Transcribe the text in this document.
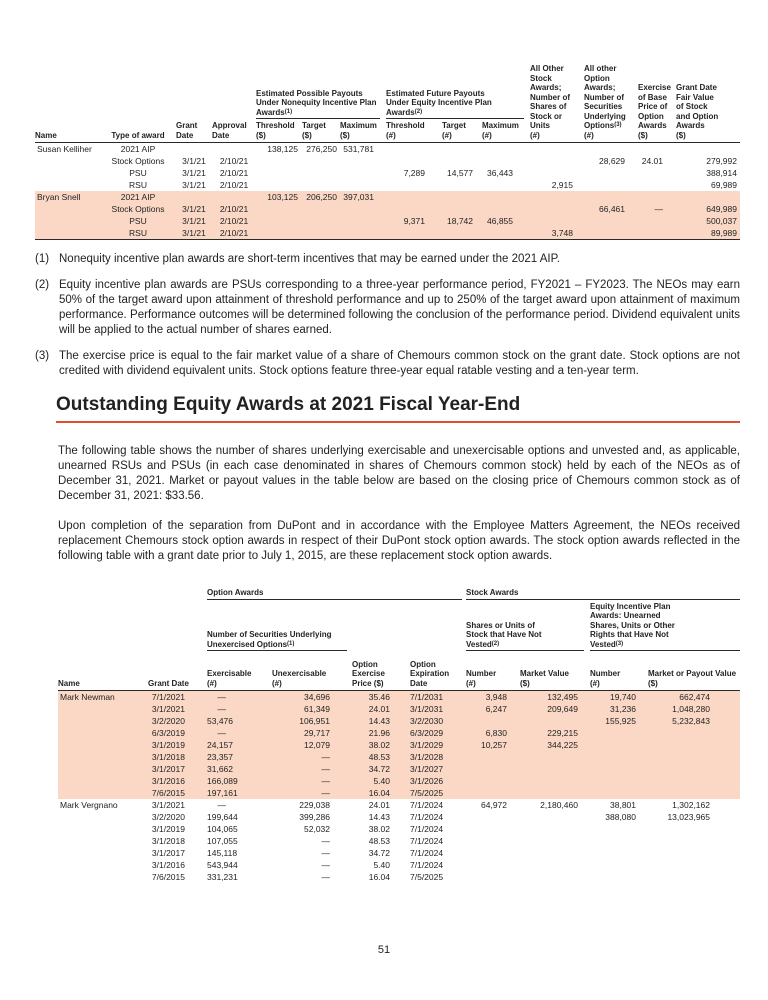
Estimated Possible Payouts Under Nonequity Incentive Plan Awards$^{(1)}$
Estimated Future Payouts Under Equity Incentive Plan Awards$^{(2)}$
Name	Type of award
Grant Date
Approval Date
Threshold
($)
Target
($)
Maximum
($)
Threshold
(#)
Target
(#)
Maximum
(#)
All Other Stock Awards; Number of Shares of Stock or Units
(#)
All other Option Awards; Number of Securities Underlying Options$^{(3)}$
(#)
Exercise of Base Price of Option Awards
($)
Grant Date Fair Value of Stock and Option Awards
($)
Susan Kelliher	2021 AIP			138,125	276,250	531,781							
	Stock Options	3/1/21	2/10/21								28,629	24.01	279,992
	PSU	3/1/21	2/10/21				7,289	14,577	36,443				388,914
	RSU	3/1/21	2/10/21							2,915			69,989
Bryan Snell	2021 AIP			103,125	206,250	397,031							
	Stock Options	3/1/21	2/10/21								66,461	—	649,989
	PSU	3/1/21	2/10/21				9,371	18,742	46,855				500,037
	RSU	3/1/21	2/10/21							3,748			89,989
(1) Nonequity incentive plan awards are short-term incentives that may be earned under the 2021 AIP.
(2) Equity incentive plan awards are PSUs corresponding to a three-year performance period, FY2021 – FY2023. The NEOs may earn 50% of the target award upon attainment of threshold performance and up to 250% of the target award upon attainment of maximum performance. Performance outcomes will be determined following the conclusion of the performance period. Dividend equivalent units will be applied to the actual number of shares earned.
(3) The exercise price is equal to the fair market value of a share of Chemours common stock on the grant date. Stock options are not credited with dividend equivalent units. Stock options feature three-year equal ratable vesting and a ten-year term.
Outstanding Equity Awards at 2021 Fiscal Year-End
The following table shows the number of shares underlying exercisable and unexercisable options and unvested and, as applicable, unearned RSUs and PSUs (in each case denominated in shares of Chemours common stock) held by each of the NEOs as of December 31, 2021. Market or payout values in the table below are based on the closing price of Chemours common stock as of December 31, 2021: $33.56.
Upon completion of the separation from DuPont and in accordance with the Employee Matters Agreement, the NEOs received replacement Chemours stock option awards in respect of their DuPont stock option awards. The stock option awards reflected in the following table with a grant date prior to July 1, 2015, are these replacement stock option awards.
Option Awards	Stock Awards
Number of Securities Underlying Unexercised Options$^{(1)}$
Shares or Units of Stock that Have Not Vested$^{(2)}$
Equity Incentive Plan Awards: Unearned Shares, Units or Other Rights that Have Not Vested$^{(3)}$
Name	Grant Date
Exercisable
(#)
Unexercisable
(#)
Option Exercise Price ($)
Option Expiration Date
Number
(#)
Market Value
($)
Number
(#)
Market or Payout Value
($)
Mark Newman	7/1/2021	—	34,696	35.46	7/1/2031	3,948	132,495	19,740	662,474
	3/1/2021	—	61,349	24.01	3/1/2031	6,247	209,649	31,236	1,048,280
	3/2/2020	53,476	106,951	14.43	3/2/2030			155,925	5,232,843
	6/3/2019	—	29,717	21.96	6/3/2029	6,830	229,215		
	3/1/2019	24,157	12,079	38.02	3/1/2029	10,257	344,225		
	3/1/2018	23,357	—	48.53	3/1/2028				
	3/1/2017	31,662	—	34.72	3/1/2027				
	3/1/2016	166,089	—	5.40	3/1/2026				
	7/6/2015	197,161	—	16.04	7/5/2025				
Mark Vergnano	3/1/2021	—	229,038	24.01	7/1/2024	64,972	2,180,460	38,801	1,302,162
	3/2/2020	199,644	399,286	14.43	7/1/2024			388,080	13,023,965
	3/1/2019	104,065	52,032	38.02	7/1/2024				
	3/1/2018	107,055	—	48.53	7/1/2024				
	3/1/2017	145,118	—	34.72	7/1/2024				
	3/1/2016	543,944	—	5.40	7/1/2024				
	7/6/2015	331,231	—	16.04	7/5/2025				
51
